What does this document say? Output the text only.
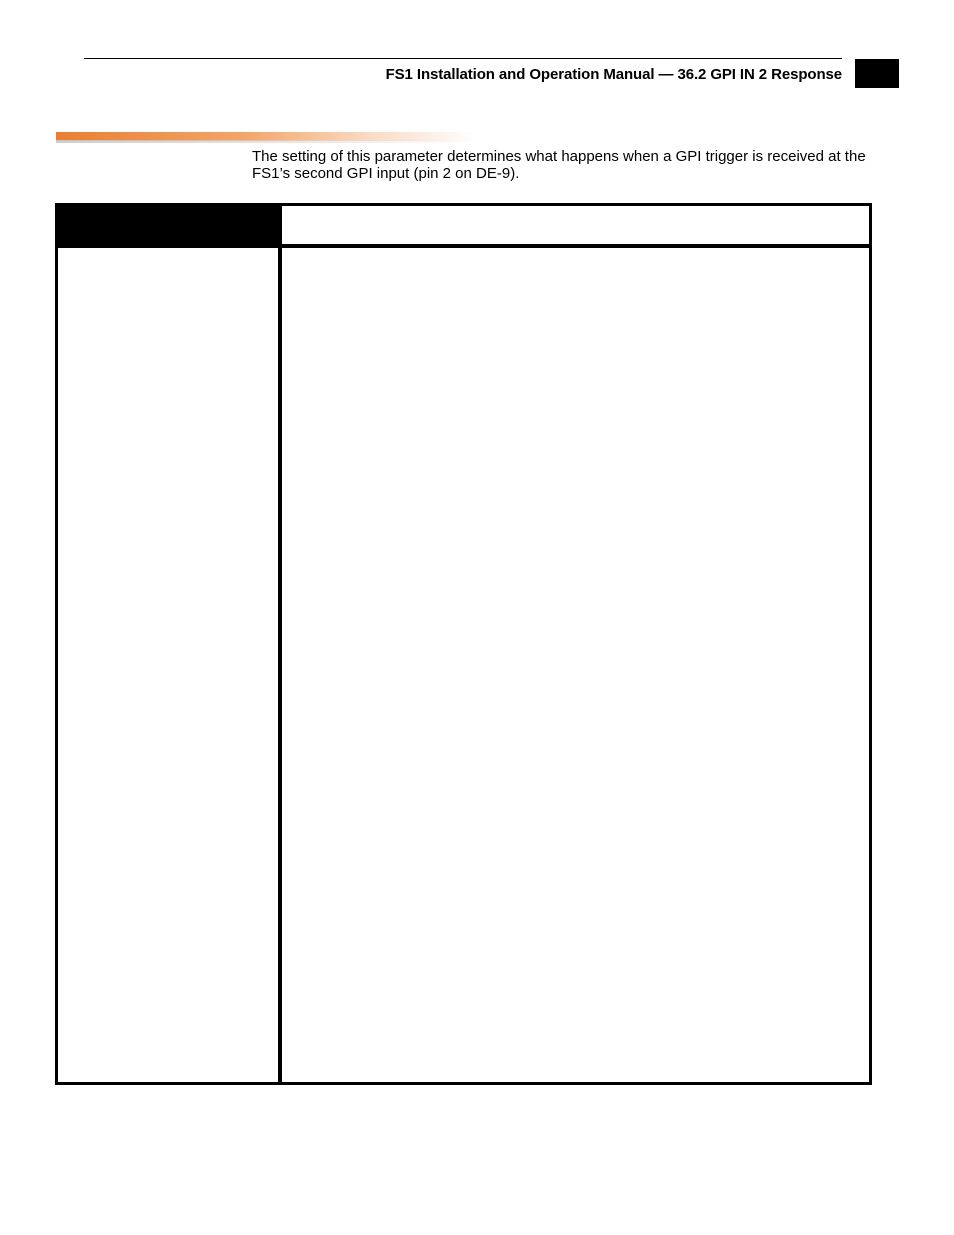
FS1 Installation and Operation Manual — 36.2 GPI IN 2 Response
The setting of this parameter determines what happens when a GPI trigger is received at the FS1’s second GPI input (pin 2 on DE-9).
